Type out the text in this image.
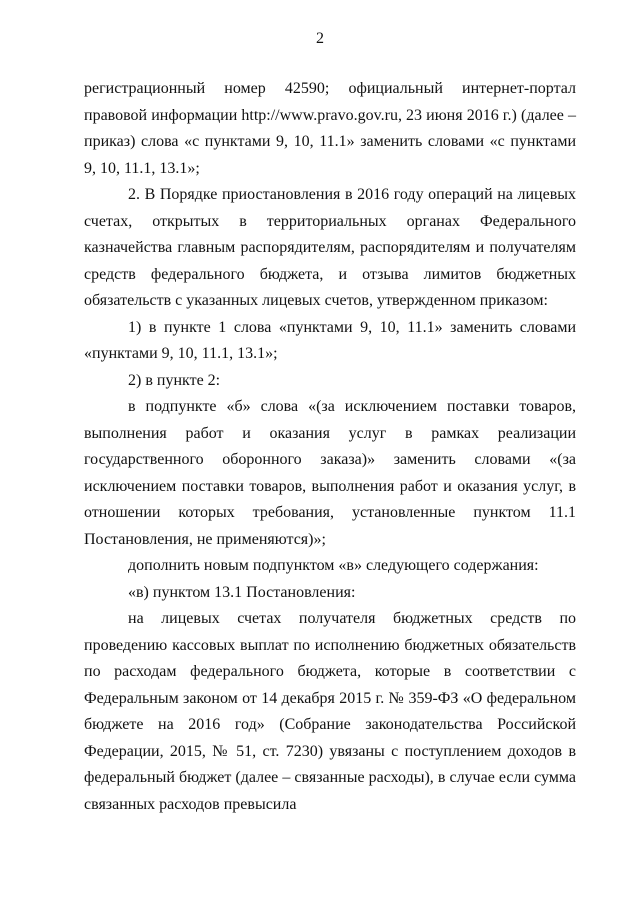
2

регистрационный номер 42590; официальный интернет-портал правовой информации http://www.pravo.gov.ru, 23 июня 2016 г.) (далее – приказ) слова «с пунктами 9, 10, 11.1» заменить словами «с пунктами 9, 10, 11.1, 13.1»;

2. В Порядке приостановления в 2016 году операций на лицевых счетах, открытых в территориальных органах Федерального казначейства главным распорядителям, распорядителям и получателям средств федерального бюджета, и отзыва лимитов бюджетных обязательств с указанных лицевых счетов, утвержденном приказом:

1) в пункте 1 слова «пунктами 9, 10, 11.1» заменить словами «пунктами 9, 10, 11.1, 13.1»;

2) в пункте 2:

в подпункте «б» слова «(за исключением поставки товаров, выполнения работ и оказания услуг в рамках реализации государственного оборонного заказа)» заменить словами «(за исключением поставки товаров, выполнения работ и оказания услуг, в отношении которых требования, установленные пунктом 11.1 Постановления, не применяются)»;

дополнить новым подпунктом «в» следующего содержания:

«в) пунктом 13.1 Постановления:

на лицевых счетах получателя бюджетных средств по проведению кассовых выплат по исполнению бюджетных обязательств по расходам федерального бюджета, которые в соответствии с Федеральным законом от 14 декабря 2015 г. № 359-ФЗ «О федеральном бюджете на 2016 год» (Собрание законодательства Российской Федерации, 2015, № 51, ст. 7230) увязаны с поступлением доходов в федеральный бюджет (далее – связанные расходы), в случае если сумма связанных расходов превысила
